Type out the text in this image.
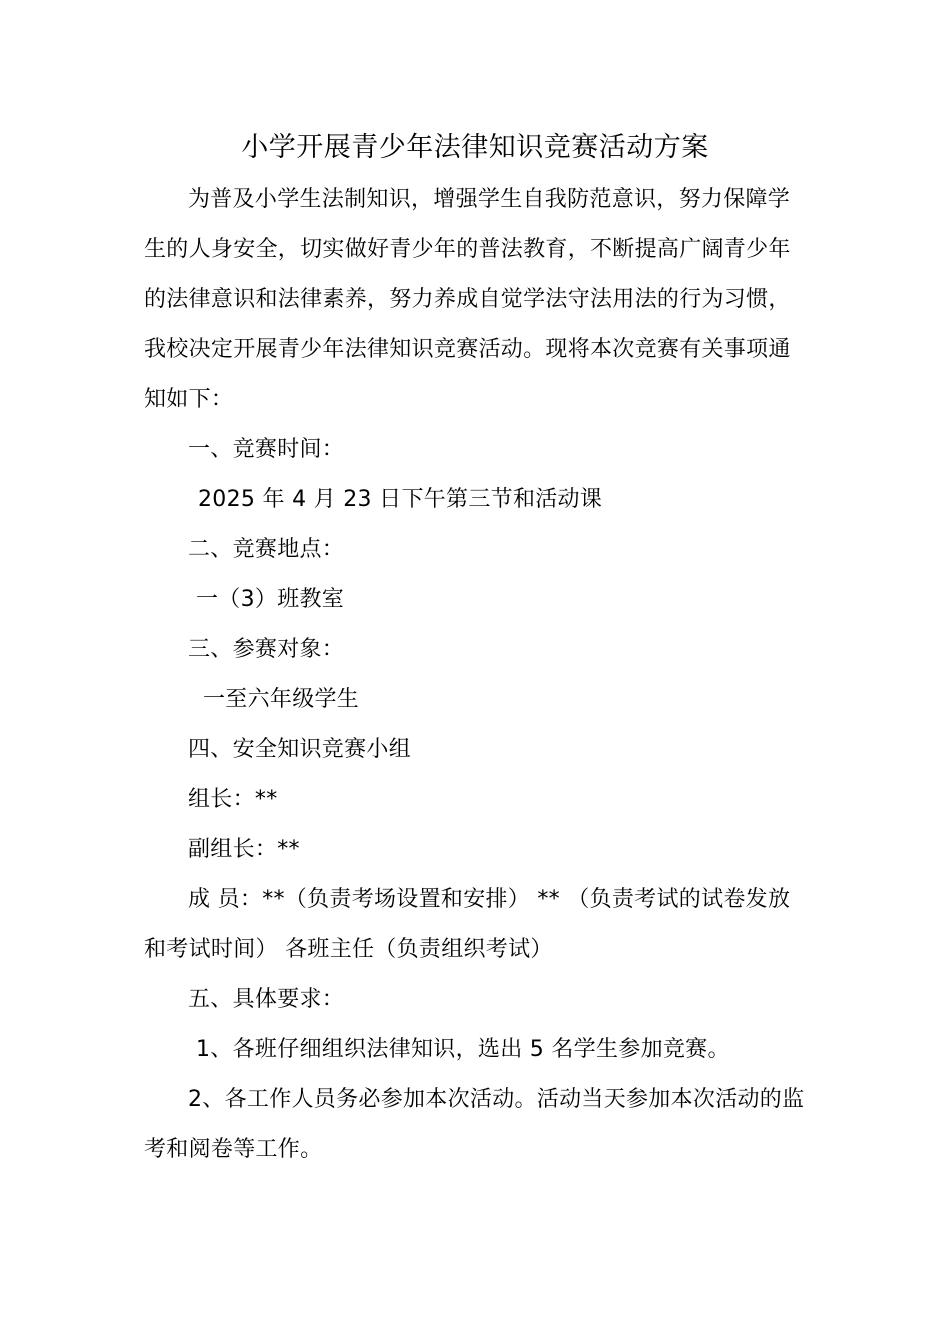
小学开展青少年法律知识竞赛活动方案
为普及小学生法制知识，增强学生自我防范意识，努力保障学
生的人身安全，切实做好青少年的普法教育，不断提高广阔青少年
的法律意识和法律素养，努力养成自觉学法守法用法的行为习惯，
我校决定开展青少年法律知识竞赛活动。现将本次竞赛有关事项通
知如下：
一、竞赛时间：
2025 年 4 月 23 日下午第三节和活动课
二、竞赛地点：
一（3）班教室
三、参赛对象：
一至六年级学生
四、安全知识竞赛小组
组长：**
副组长：**
成 员：**（负责考场设置和安排） ** （负责考试的试卷发放
和考试时间） 各班主任（负责组织考试）
五、具体要求：
1、各班仔细组织法律知识，选出 5 名学生参加竞赛。
2、各工作人员务必参加本次活动。活动当天参加本次活动的监
考和阅卷等工作。
